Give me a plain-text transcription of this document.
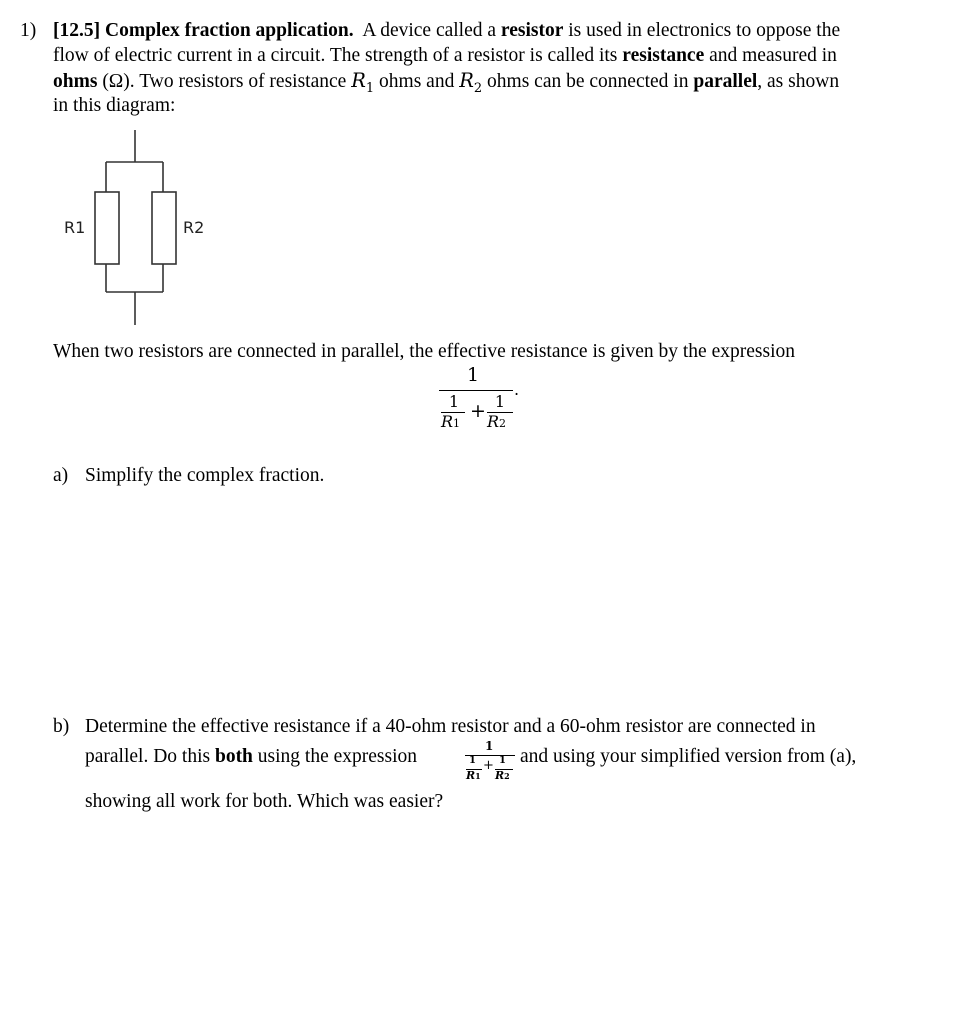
1) [12.5] Complex fraction application. A device called a resistor is used in electronics to oppose the
flow of electric current in a circuit. The strength of a resistor is called its resistance and measured in
ohms (Ω). Two resistors of resistance $R_1$ ohms and $R_2$ ohms can be connected in parallel, as shown
in this diagram:
R1	R2
When two resistors are connected in parallel, the effective resistance is given by the expression
1
.
1
R1
+ 1
R2
a) Simplify the complex fraction.
b) Determine the effective resistance if a 40-ohm resistor and a 60-ohm resistor are connected in
parallel. Do this both using the expression	1
1
R1
+ 1
R2
and using your simplified version from (a),
showing all work for both. Which was easier?
